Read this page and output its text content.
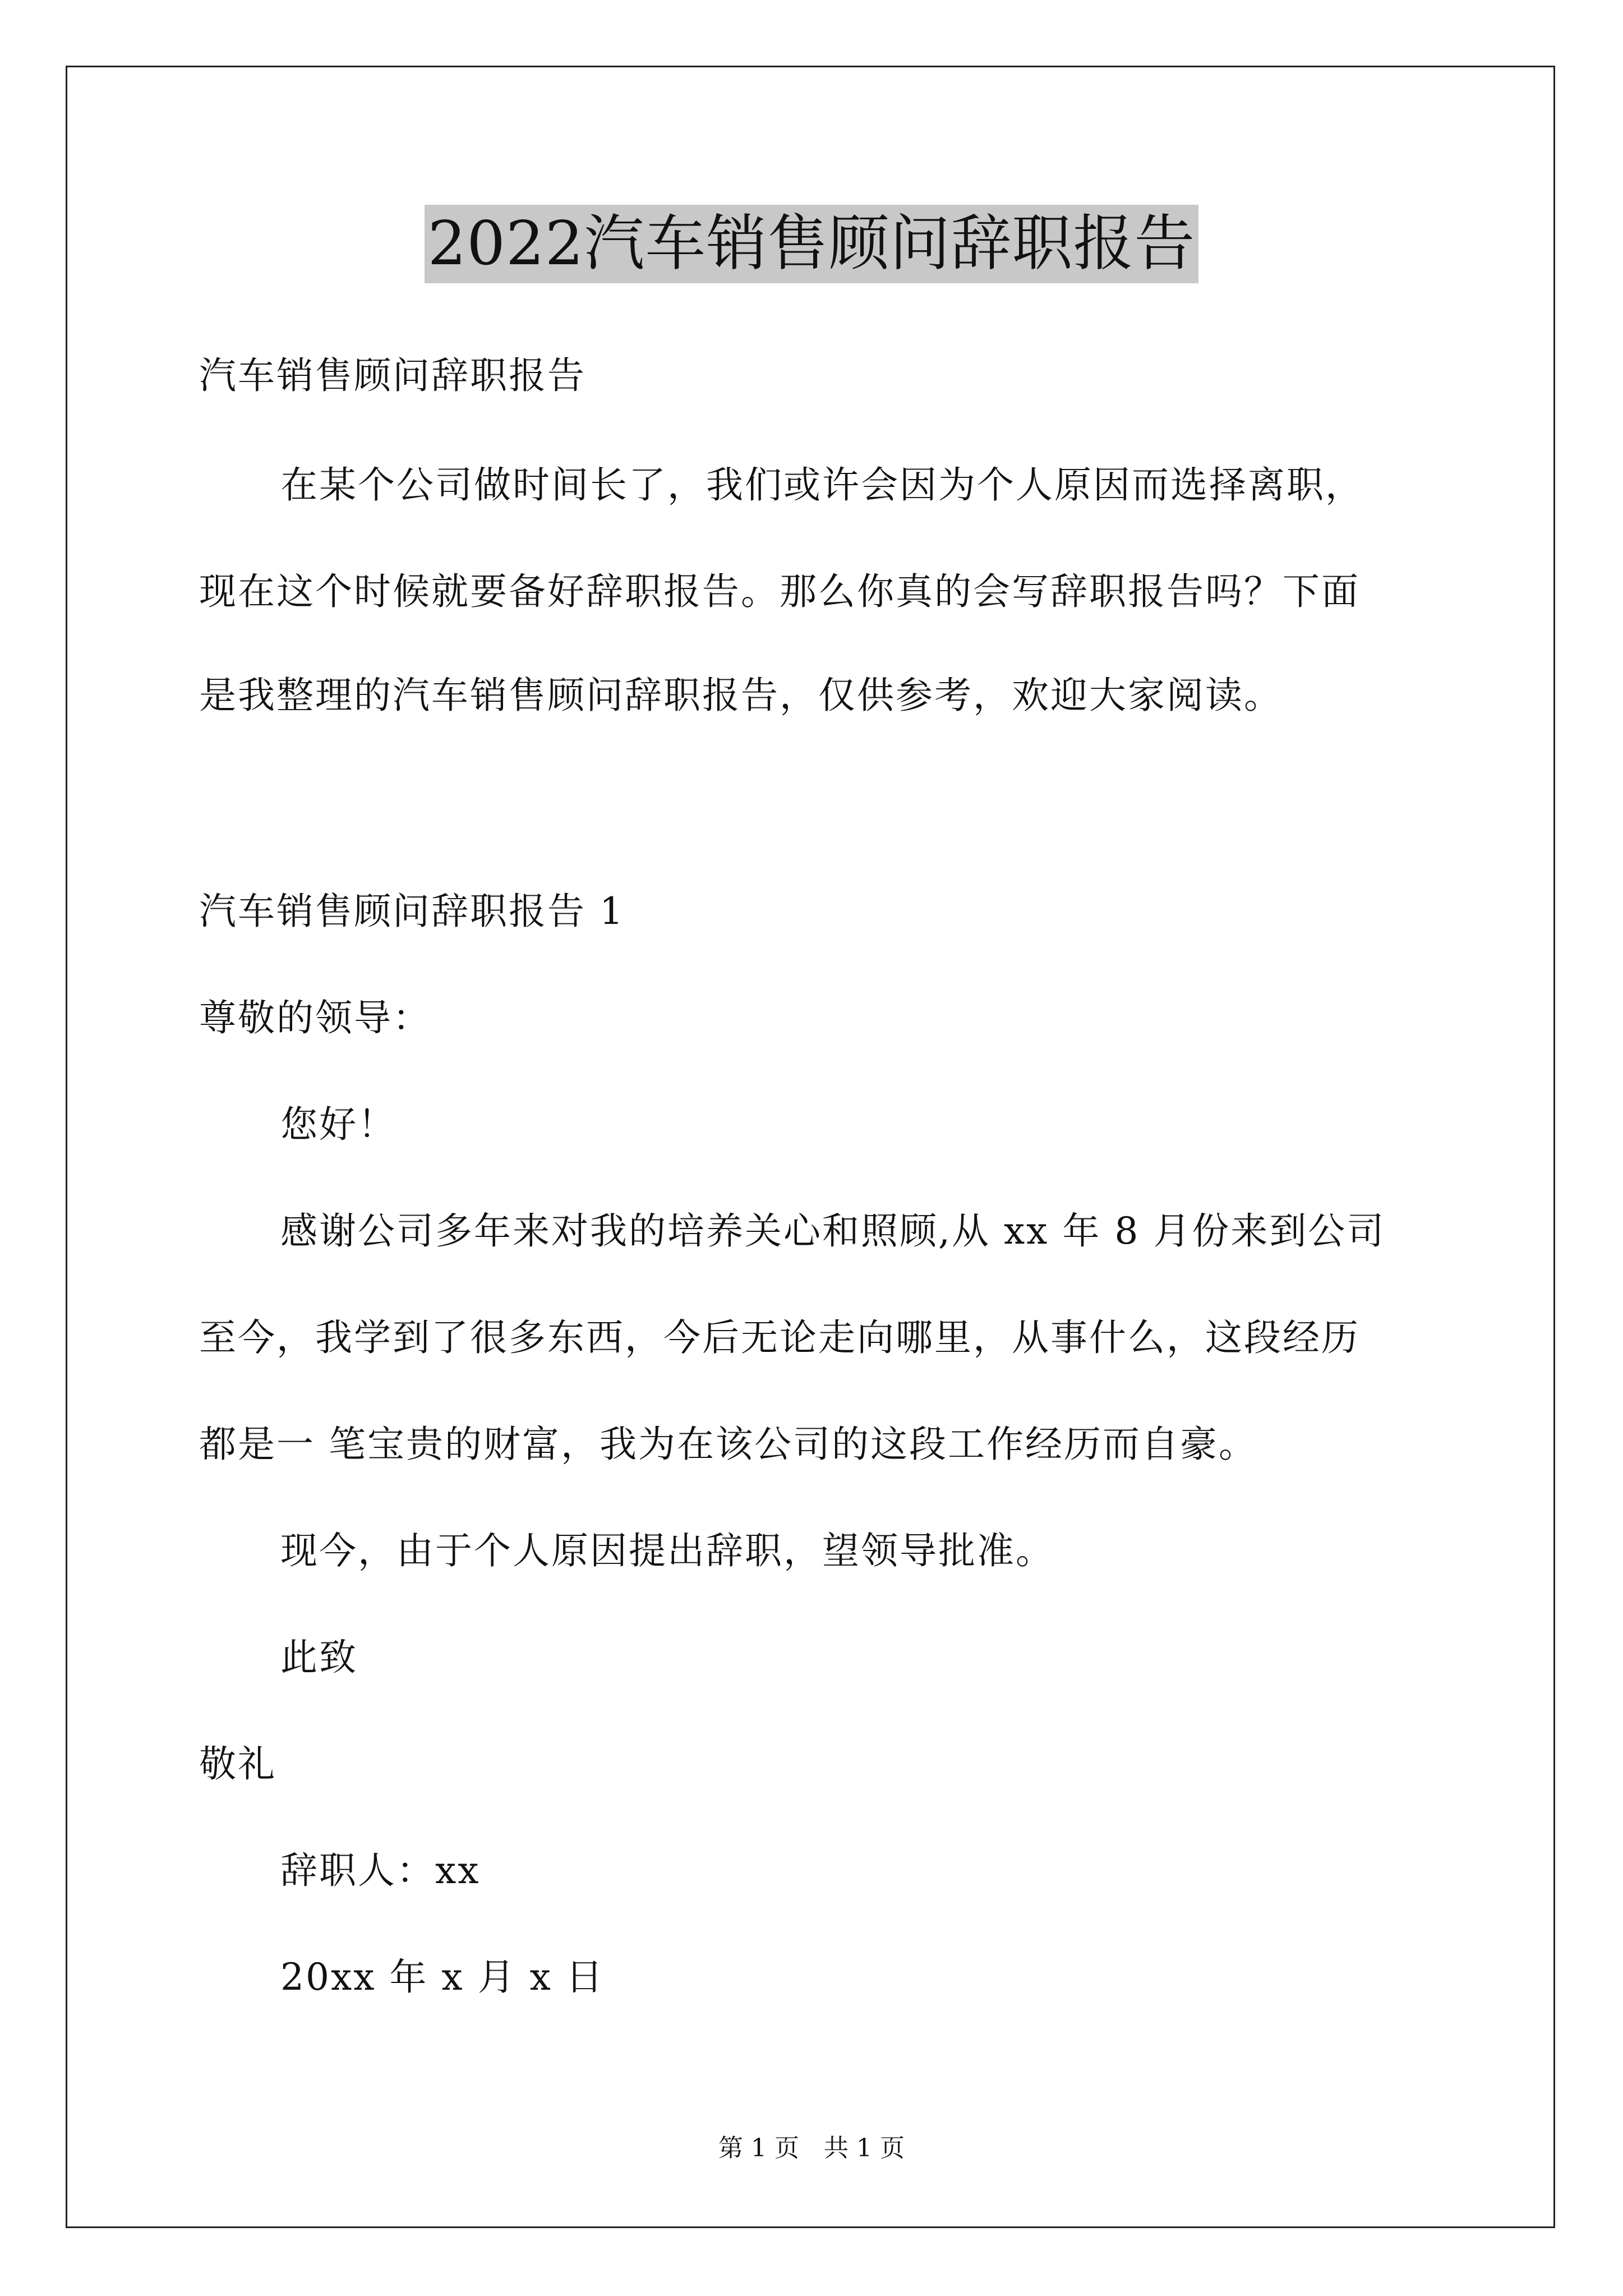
2022汽车销售顾问辞职报告
汽车销售顾问辞职报告
在某个公司做时间长了，我们或许会因为个人原因而选择离职，
现在这个时候就要备好辞职报告。那么你真的会写辞职报告吗？下面
是我整理的汽车销售顾问辞职报告，仅供参考，欢迎大家阅读。
汽车销售顾问辞职报告 1
尊敬的领导：
您好！
感谢公司多年来对我的培养关心和照顾,从 xx 年 8 月份来到公司
至今，我学到了很多东西，今后无论走向哪里，从事什么，这段经历
都是一 笔宝贵的财富，我为在该公司的这段工作经历而自豪。
现今，由于个人原因提出辞职，望领导批准。
此致
敬礼
辞职人：xx
20xx 年 x 月 x 日
第 1 页　共 1 页
